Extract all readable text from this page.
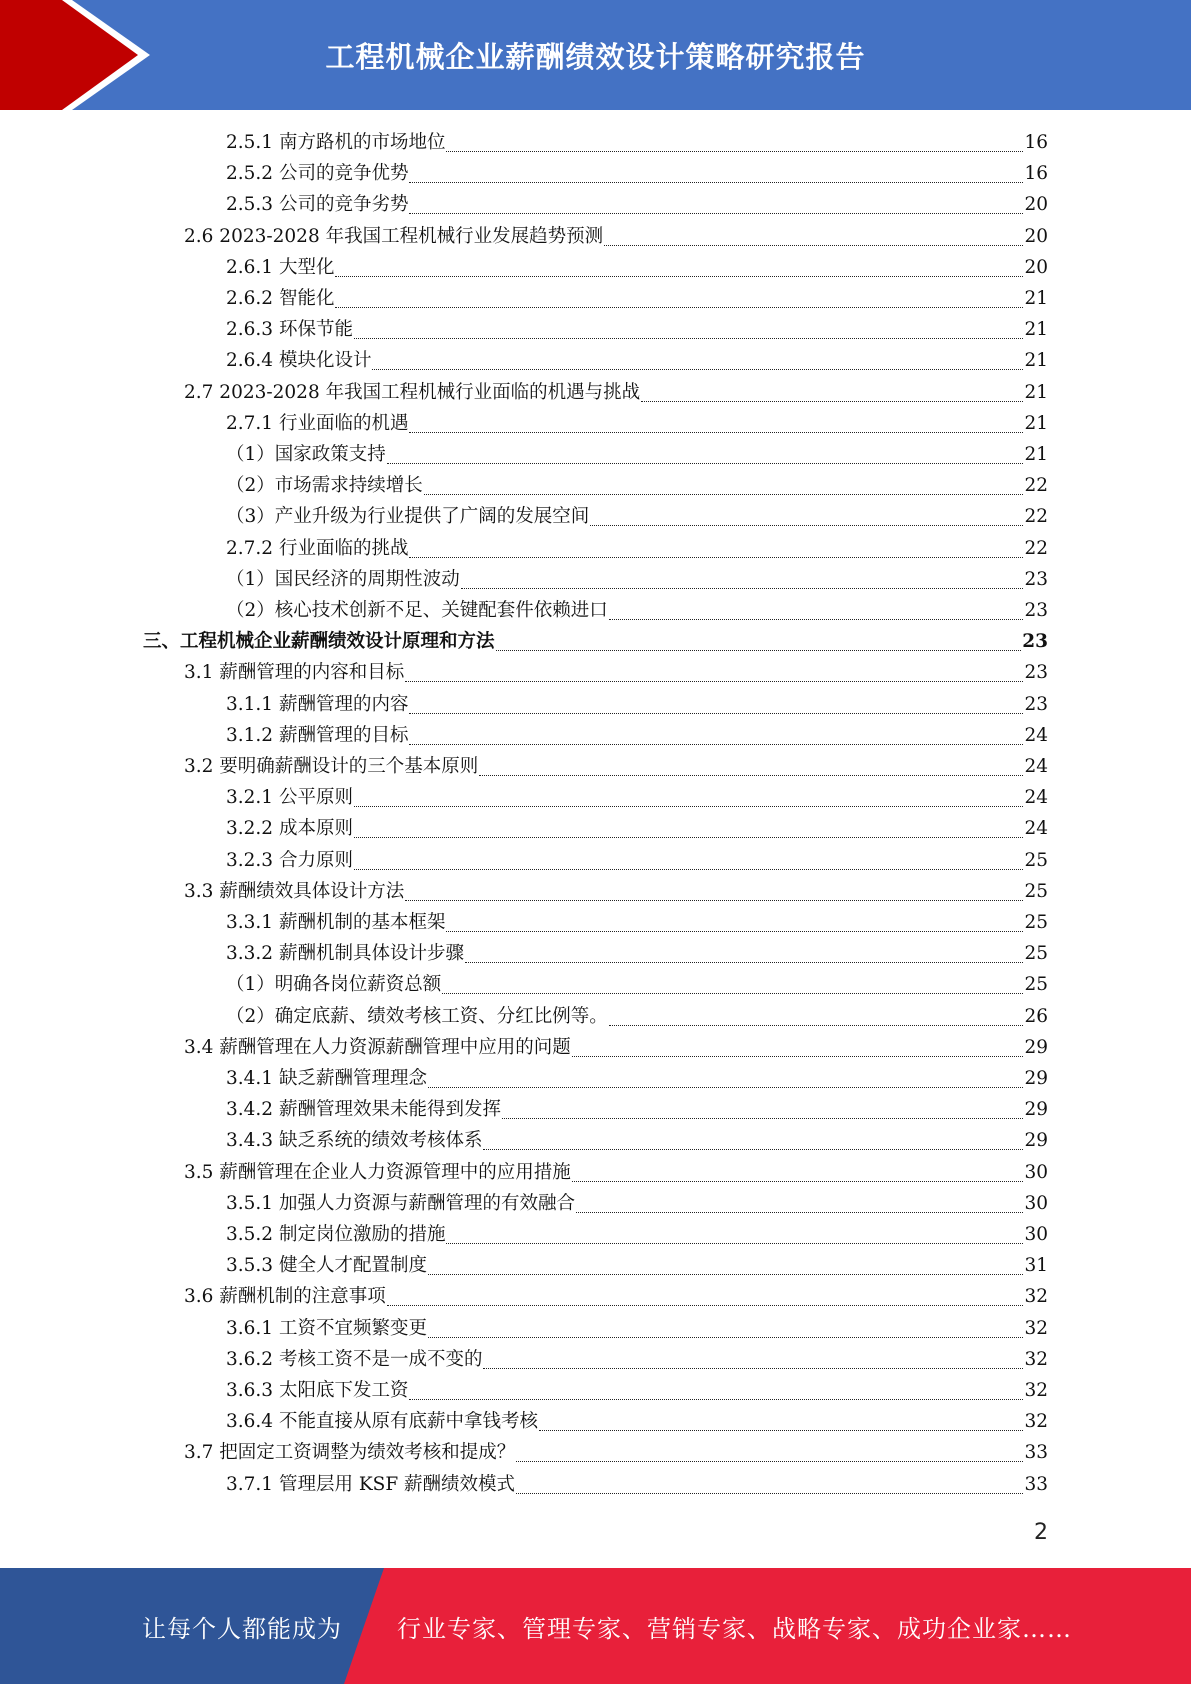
工程机械企业薪酬绩效设计策略研究报告
2.5.1 南方路机的市场地位	16
2.5.2 公司的竞争优势	16
2.5.3 公司的竞争劣势	20
2.6 2023-2028 年我国工程机械行业发展趋势预测	20
2.6.1 大型化	20
2.6.2 智能化	21
2.6.3 环保节能	21
2.6.4 模块化设计	21
2.7 2023-2028 年我国工程机械行业面临的机遇与挑战	21
2.7.1 行业面临的机遇	21
（1）国家政策支持	21
（2）市场需求持续增长	22
（3）产业升级为行业提供了广阔的发展空间	22
2.7.2 行业面临的挑战	22
（1）国民经济的周期性波动	23
（2）核心技术创新不足、关键配套件依赖进口	23
三、工程机械企业薪酬绩效设计原理和方法	23
3.1 薪酬管理的内容和目标	23
3.1.1 薪酬管理的内容	23
3.1.2 薪酬管理的目标	24
3.2 要明确薪酬设计的三个基本原则	24
3.2.1 公平原则	24
3.2.2 成本原则	24
3.2.3 合力原则	25
3.3 薪酬绩效具体设计方法	25
3.3.1 薪酬机制的基本框架	25
3.3.2 薪酬机制具体设计步骤	25
（1）明确各岗位薪资总额	25
（2）确定底薪、绩效考核工资、分红比例等。	26
3.4 薪酬管理在人力资源薪酬管理中应用的问题	29
3.4.1 缺乏薪酬管理理念	29
3.4.2 薪酬管理效果未能得到发挥	29
3.4.3 缺乏系统的绩效考核体系	29
3.5 薪酬管理在企业人力资源管理中的应用措施	30
3.5.1 加强人力资源与薪酬管理的有效融合	30
3.5.2 制定岗位激励的措施	30
3.5.3 健全人才配置制度	31
3.6 薪酬机制的注意事项	32
3.6.1 工资不宜频繁变更	32
3.6.2 考核工资不是一成不变的	32
3.6.3 太阳底下发工资	32
3.6.4 不能直接从原有底薪中拿钱考核	32
3.7 把固定工资调整为绩效考核和提成？	33
3.7.1 管理层用 KSF 薪酬绩效模式	33
2
让每个人都能成为 行业专家、管理专家、营销专家、战略专家、成功企业家……
